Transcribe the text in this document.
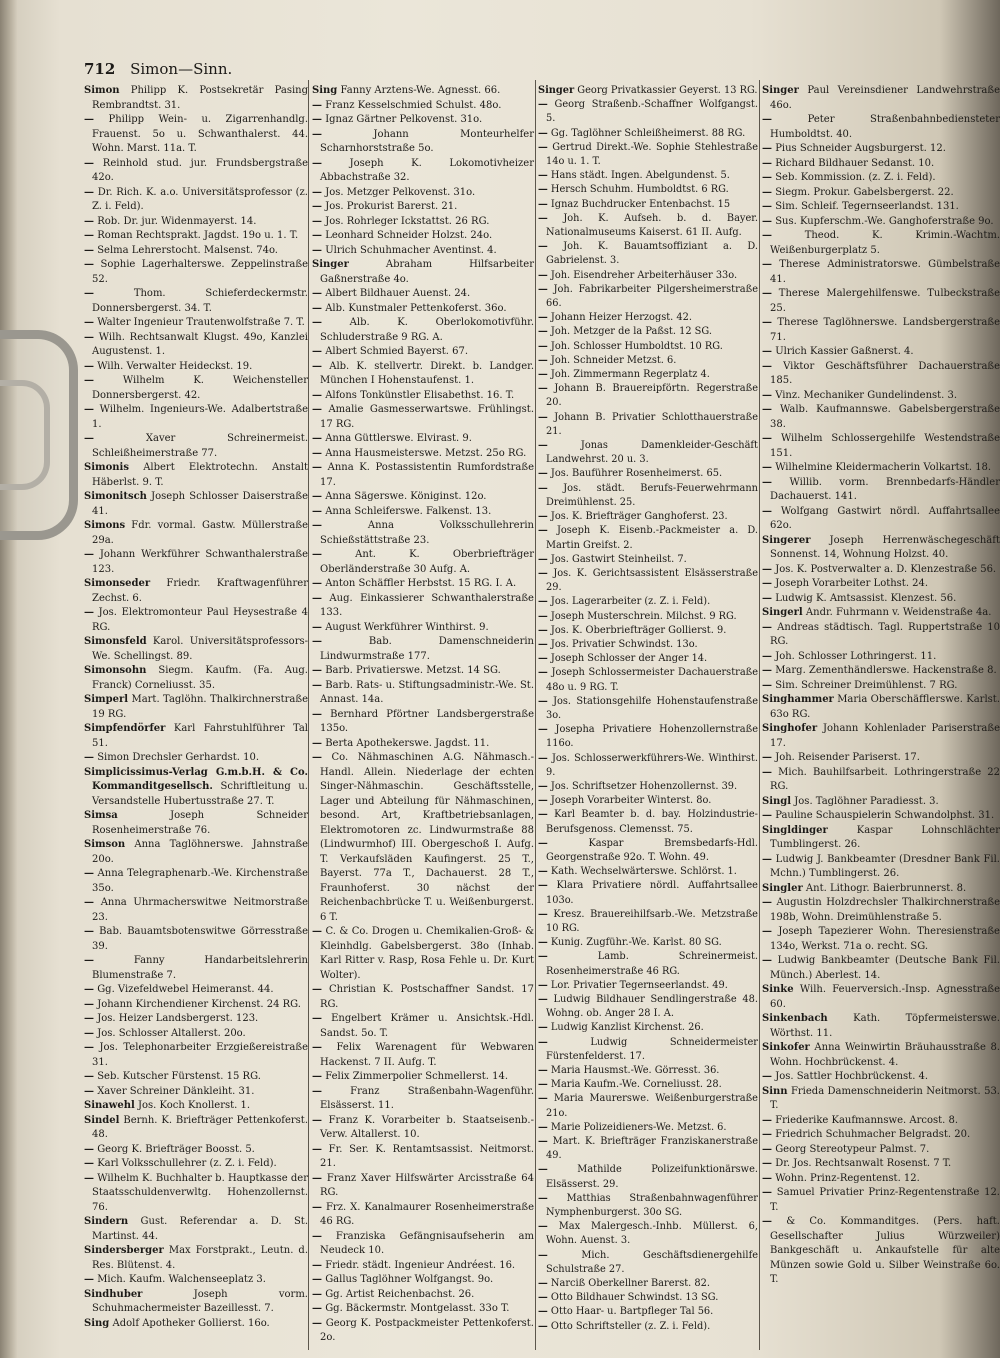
712 Simon—Sinn.

Simon Philipp K. Postsekretär Pasing Rembrandtst. 31.

— Philipp Wein- u. Zigarrenhandlg. Frauenst. 5o u. Schwanthalerst. 44. Wohn. Marst. 11a. T.

— Reinhold stud. jur. Frundsbergstraße 42o.

— Dr. Rich. K. a.o. Universitätsprofessor (z. Z. i. Feld).

— Rob. Dr. jur. Widenmayerst. 14.

— Roman Rechtsprakt. Jagdst. 19o u. 1. T.

— Selma Lehrerstocht. Malsenst. 74o.

— Sophie Lagerhalterswe. Zeppelinstraße 52.

—	Thom. Schieferdeckermstr. Donnersbergerst. 34. T.

— Walter Ingenieur Trautenwolfstraße 7. T.

— Wilh. Rechtsanwalt Klugst. 49o, Kanzlei Augustenst. 1.

— Wilh. Verwalter Heideckst. 19.

—	Wilhelm K. Weichensteller Donnersbergerst. 42.

— Wilhelm. Ingenieurs-We. Adalbertstraße 1.

—	Xaver Schreinermeist. Schleißheimerstraße 77.

Simonis Albert Elektrotechn. Anstalt Häberlst. 9. T.

Simonitsch Joseph Schlosser Daiserstraße 41.

Simons Fdr. vormal. Gastw. Müllerstraße 29a.

— Johann Werkführer Schwanthalerstraße 123.

Simonseder Friedr. Kraftwagenführer Zechst. 6.

— Jos. Elektromonteur Paul Heysestraße 4 RG.

Simonsfeld Karol. Universitätsprofessors-We. Schellingst. 89.

Simonsohn Siegm. Kaufm. (Fa. Aug. Franck) Corneliusst. 35.

Simperl Mart. Taglöhn. Thalkirchnerstraße 19 RG.

Simpfendörfer Karl Fahrstuhlführer Tal 51.

— Simon Drechsler Gerhardst. 10.

Simplicissimus-Verlag G.m.b.H. & Co. Kommanditgesellsch. Schriftleitung u. Versandstelle Hubertusstraße 27. T.

Simsa	Joseph Schneider Rosenheimerstraße 76.

Simson Anna Taglöhnerswe. Jahnstraße 20o.

— Anna Telegraphenarb.-We. Kirchenstraße 35o.

— Anna Uhrmacherswitwe Neitmorstraße 23.

— Bab. Bauamtsbotenswitwe Görresstraße 39.

—	Fanny Handarbeitslehrerin Blumenstraße 7.

— Gg. Vizefeldwebel Heimeranst. 44.

— Johann Kirchendiener Kirchenst. 24 RG.

— Jos. Heizer Landsbergerst. 123.

— Jos. Schlosser Altallerst. 20o.

— Jos. Telephonarbeiter Erzgießereistraße 31.

— Seb. Kutscher Fürstenst. 15 RG.

— Xaver Schreiner Dänkleiht. 31.

Sinawehl Jos. Koch Knollerst. 1.

Sindel Bernh. K. Briefträger Pettenkoferst. 48.

— Georg K. Briefträger Boosst. 5.

— Karl Volksschullehrer (z. Z. i. Feld).

— Wilhelm K. Buchhalter b. Hauptkasse der Staatsschuldenverwltg. Hohenzollernst. 76.

Sindern Gust. Referendar a. D. St. Martinst. 44.

Sindersberger Max Forstprakt., Leutn. d. Res. Blütenst. 4.

— Mich. Kaufm. Walchenseeplatz 3.

Sindhuber	Joseph vorm. Schuhmachermeister Bazeillesst. 7.

Sing Adolf Apotheker Gollierst. 16o.

Sing Fanny Arztens-We. Agnesst. 66.

— Franz Kesselschmied Schulst. 48o.

— Ignaz Gärtner Pelkovenst. 31o.

—	Johann Monteurhelfer Scharnhorststraße 5o.

—	Joseph K. Lokomotivheizer Abbachstraße 32.

— Jos. Metzger Pelkovenst. 31o.

— Jos. Prokurist Barerst. 21.

— Jos. Rohrleger Ickstattst. 26 RG.

— Leonhard Schneider Holzst. 24o.

— Ulrich Schuhmacher Aventinst. 4.

Singer	Abraham Hilfsarbeiter Gaßnerstraße 4o.

— Albert Bildhauer Auenst. 24.

— Alb. Kunstmaler Pettenkoferst. 36o.

—	Alb. K. Oberlokomotivführ. Schluderstraße 9 RG. A.

— Albert Schmied Bayerst. 67.

— Alb. K. stellvertr. Direkt. b. Landger. München I Hohenstaufenst. 1.

— Alfons Tonkünstler Elisabethst. 16. T.

— Amalie Gasmesserwartswe. Frühlingst. 17 RG.

— Anna Güttlerswe. Elvirast. 9.

— Anna Hausmeisterswe. Metzst. 25o RG.

— Anna K. Postassistentin Rumfordstraße 17.

— Anna Sägerswe. Königinst. 12o.

— Anna Schleiferswe. Falkenst. 13.

—	Anna Volksschullehrerin Schießstättstraße 23.

—	Ant. K. Oberbriefträger Oberländerstraße 30 Aufg. A.

— Anton Schäffler Herbstst. 15 RG. I. A.

— Aug. Einkassierer Schwanthalerstraße 133.

— August Werkführer Winthirst. 9.

—	Bab. Damenschneiderin Lindwurmstraße 177.

— Barb. Privatierswe. Metzst. 14 SG.

— Barb. Rats- u. Stiftungsadministr.-We. St. Annast. 14a.

— Bernhard Pförtner Landsbergerstraße 135o.

— Berta Apothekerswe. Jagdst. 11.

— Co. Nähmaschinen A.G. Nähmasch.-Handl. Allein. Niederlage der echten Singer-Nähmaschin. Geschäftsstelle, Lager und Abteilung für Nähmaschinen, besond. Art, Kraftbetriebsanlagen, Elektromotoren zc. Lindwurmstraße 88 (Lindwurmhof) III. Obergeschoß I. Aufg. T. Verkaufsläden Kaufingerst. 25 T., Bayerst. 77a T., Dachauerst. 28 T., Fraunhoferst. 30 nächst der Reichenbachbrücke T. u. Weißenburgerst. 6 T.

— C. & Co. Drogen u. Chemikalien-Groß- & Kleinhdlg. Gabelsbergerst. 38o (Inhab. Karl Ritter v. Rasp, Rosa Fehle u. Dr. Kurt Wolter).

— Christian K. Postschaffner Sandst. 17 RG.

— Engelbert Krämer u. Ansichtsk.-Hdl. Sandst. 5o. T.

— Felix Warenagent für Webwaren Hackenst. 7 II. Aufg. T.

— Felix Zimmerpolier Schmellerst. 14.

—	Franz Straßenbahn-Wagenführ. Elsässerst. 11.

— Franz K. Vorarbeiter b. Staatseisenb.-Verw. Altallerst. 10.

— Fr. Ser. K. Rentamtsassist. Neitmorst. 21.

— Franz Xaver Hilfswärter Arcisstraße 64 RG.

— Frz. X. Kanalmaurer Rosenheimerstraße 46 RG.

— Franziska Gefängnisaufseherin am Neudeck 10.

— Friedr. städt. Ingenieur Andréest. 16.

— Gallus Taglöhner Wolfgangst. 9o.

— Gg. Artist Reichenbachst. 26.

— Gg. Bäckermstr. Montgelasst. 33o T.

— Georg K. Postpackmeister Pettenkoferst. 2o.

Singer Georg Privatkassier Geyerst. 13 RG.

— Georg Straßenb.-Schaffner Wolfgangst. 5.

— Gg. Taglöhner Schleißheimerst. 88 RG.

— Gertrud Direkt.-We. Sophie Stehlestraße 14o u. 1. T.

— Hans städt. Ingen. Abelgundenst. 5.

— Hersch Schuhm. Humboldtst. 6 RG.

— Ignaz Buchdrucker Entenbachst. 15

— Joh. K. Aufseh. b. d. Bayer. Nationalmuseums Kaiserst. 61 II. Aufg.

— Joh. K. Bauamtsoffiziant a. D. Gabrielenst. 3.

— Joh. Eisendreher Arbeiterhäuser 33o.

— Joh. Fabrikarbeiter Pilgersheimerstraße 66.

— Johann Heizer Herzogst. 42.

— Joh. Metzger de la Paßst. 12 SG.

— Joh. Schlosser Humboldtst. 10 RG.

— Joh. Schneider Metzst. 6.

— Joh. Zimmermann Regerplatz 4.

— Johann B. Brauereipförtn. Regerstraße 20.

— Johann B. Privatier Schlotthauerstraße 21.

—	Jonas Damenkleider-Geschäft Landwehrst. 20 u. 3.

— Jos. Bauführer Rosenheimerst. 65.

— Jos. städt. Berufs-Feuerwehrmann Dreimühlenst. 25.

— Jos. K. Briefträger Ganghoferst. 23.

— Joseph K. Eisenb.-Packmeister a. D. Martin Greifst. 2.

— Jos. Gastwirt Steinheilst. 7.

— Jos. K. Gerichtsassistent Elsässerstraße 29.

— Jos. Lagerarbeiter (z. Z. i. Feld).

— Joseph Musterschrein. Milchst. 9 RG.

— Jos. K. Oberbriefträger Gollierst. 9.

— Jos. Privatier Schwindst. 13o.

— Joseph Schlosser der Anger 14.

— Joseph Schlossermeister Dachauerstraße 48o u. 9 RG. T.

— Jos. Stationsgehilfe Hohenstaufenstraße 3o.

— Josepha Privatiere Hohenzollernstraße 116o.

— Jos. Schlosserwerkführers-We. Winthirst. 9.

— Jos. Schriftsetzer Hohenzollernst. 39.

— Joseph Vorarbeiter Winterst. 8o.

— Karl Beamter b. d. bay. Holzindustrie-Berufsgenoss. Clemensst. 75.

—	Kaspar Bremsbedarfs-Hdl. Georgenstraße 92o. T. Wohn. 49.

— Kath. Wechselwärterswe. Schlörst. 1.

— Klara Privatiere nördl. Auffahrtsallee 103o.

— Kresz. Brauereihilfsarb.-We. Metzstraße 10 RG.

— Kunig. Zugführ.-We. Karlst. 80 SG.

—	Lamb. Schreinermeist. Rosenheimerstraße 46 RG.

— Lor. Privatier Tegernseerlandst. 49.

— Ludwig Bildhauer Sendlingerstraße 48. Wohng. ob. Anger 28 I. A.

— Ludwig Kanzlist Kirchenst. 26.

—	Ludwig Schneidermeister Fürstenfelderst. 17.

— Maria Hausmst.-We. Görresst. 36.

— Maria Kaufm.-We. Corneliusst. 28.

— Maria Maurerswe. Weißenburgerstraße 21o.

— Marie Polizeidieners-We. Metzst. 6.

— Mart. K. Briefträger Franziskanerstraße 49.

—	Mathilde Polizeifunktionärswe. Elsässerst. 29.

— Matthias Straßenbahnwagenführer Nymphenburgerst. 30o SG.

— Max Malergesch.-Inhb. Müllerst. 6, Wohn. Auenst. 3.

—	Mich. Geschäftsdienergehilfe Schulstraße 27.

— Narciß Oberkellner Barerst. 82.

— Otto Bildhauer Schwindst. 13 SG.

— Otto Haar- u. Bartpfleger Tal 56.

— Otto Schriftsteller (z. Z. i. Feld).

Singer Paul Vereinsdiener Landwehrstraße 46o.

—	Peter Straßenbahnbediensteter Humboldtst. 40.

— Pius Schneider Augsburgerst. 12.

— Richard Bildhauer Sedanst. 10.

— Seb. Kommission. (z. Z. i. Feld).

— Siegm. Prokur. Gabelsbergerst. 22.

— Sim. Schleif. Tegernseerlandst. 131.

— Sus. Kupferschm.-We. Ganghoferstraße 9o.

—	Theod. K. Krimin.-Wachtm. Weißenburgerplatz 5.

— Therese Administratorswe. Gümbelstraße 41.

— Therese Malergehilfenswe. Tulbeckstraße 25.

— Therese Taglöhnerswe. Landsbergerstraße 71.

— Ulrich Kassier Gaßnerst. 4.

— Viktor Geschäftsführer Dachauerstraße 185.

— Vinz. Mechaniker Gundelindenst. 3.

— Walb. Kaufmannswe. Gabelsbergerstraße 38.

— Wilhelm Schlossergehilfe Westendstraße 151.

— Wilhelmine Kleidermacherin Volkartst. 18.

— Willib. vorm. Brennbedarfs-Händler Dachauerst. 141.

— Wolfgang Gastwirt nördl. Auffahrtsallee 62o.

Singerer Joseph Herrenwäschegeschäft Sonnenst. 14, Wohnung Holzst. 40.

— Jos. K. Postverwalter a. D. Klenzestraße 56.

— Joseph Vorarbeiter Lothst. 24.

— Ludwig K. Amtsassist. Klenzest. 56.

Singerl Andr. Fuhrmann v. Weidenstraße 4a.

— Andreas städtisch. Tagl. Ruppertstraße 10 RG.

— Joh. Schlosser Lothringerst. 11.

— Marg. Zementhändlerswe. Hackenstraße 8.

— Sim. Schreiner Dreimühlenst. 7 RG.

Singhammer Maria Oberschäfflerswe. Karlst. 63o RG.

Singhofer Johann Kohlenlader Pariserstraße 17.

— Joh. Reisender Pariserst. 17.

— Mich. Bauhilfsarbeit. Lothringerstraße 22 RG.

Singl Jos. Taglöhner Paradiesst. 3.

— Pauline Schauspielerin Schwandolphst. 31.

Singldinger	Kaspar Lohnschlächter Tumblingerst. 26.

— Ludwig J. Bankbeamter (Dresdner Bank Fil. Mchn.) Tumblingerst. 26.

Singler Ant. Lithogr. Baierbrunnerst. 8.

— Augustin Holzdrechsler Thalkirchnerstraße 198b, Wohn. Dreimühlenstraße 5.

— Joseph Tapezierer Wohn. Theresienstraße 134o, Werkst. 71a o. recht. SG.

— Ludwig Bankbeamter (Deutsche Bank Fil. Münch.) Aberlest. 14.

Sinke Wilh. Feuerversich.-Insp. Agnesstraße 60.

Sinkenbach	Kath. Töpfermeisterswe. Wörthst. 11.

Sinkofer Anna Weinwirtin Bräuhausstraße 8. Wohn. Hochbrückenst. 4.

— Jos. Sattler Hochbrückenst. 4.

Sinn Frieda Damenschneiderin Neitmorst. 53. T.

— Friederike Kaufmannswe. Arcost. 8.

— Friedrich Schuhmacher Belgradst. 20.

— Georg Stereotypeur Palmst. 7.

— Dr. Jos. Rechtsanwalt Rosenst. 7 T.

— Wohn. Prinz-Regentenst. 12.

— Samuel Privatier Prinz-Regentenstraße 12. T.

— & Co. Kommanditges. (Pers. haft. Gesellschafter Julius Würzweiler) Bankgeschäft u. Ankaufstelle für alte Münzen sowie Gold u. Silber Weinstraße 6o. T.
